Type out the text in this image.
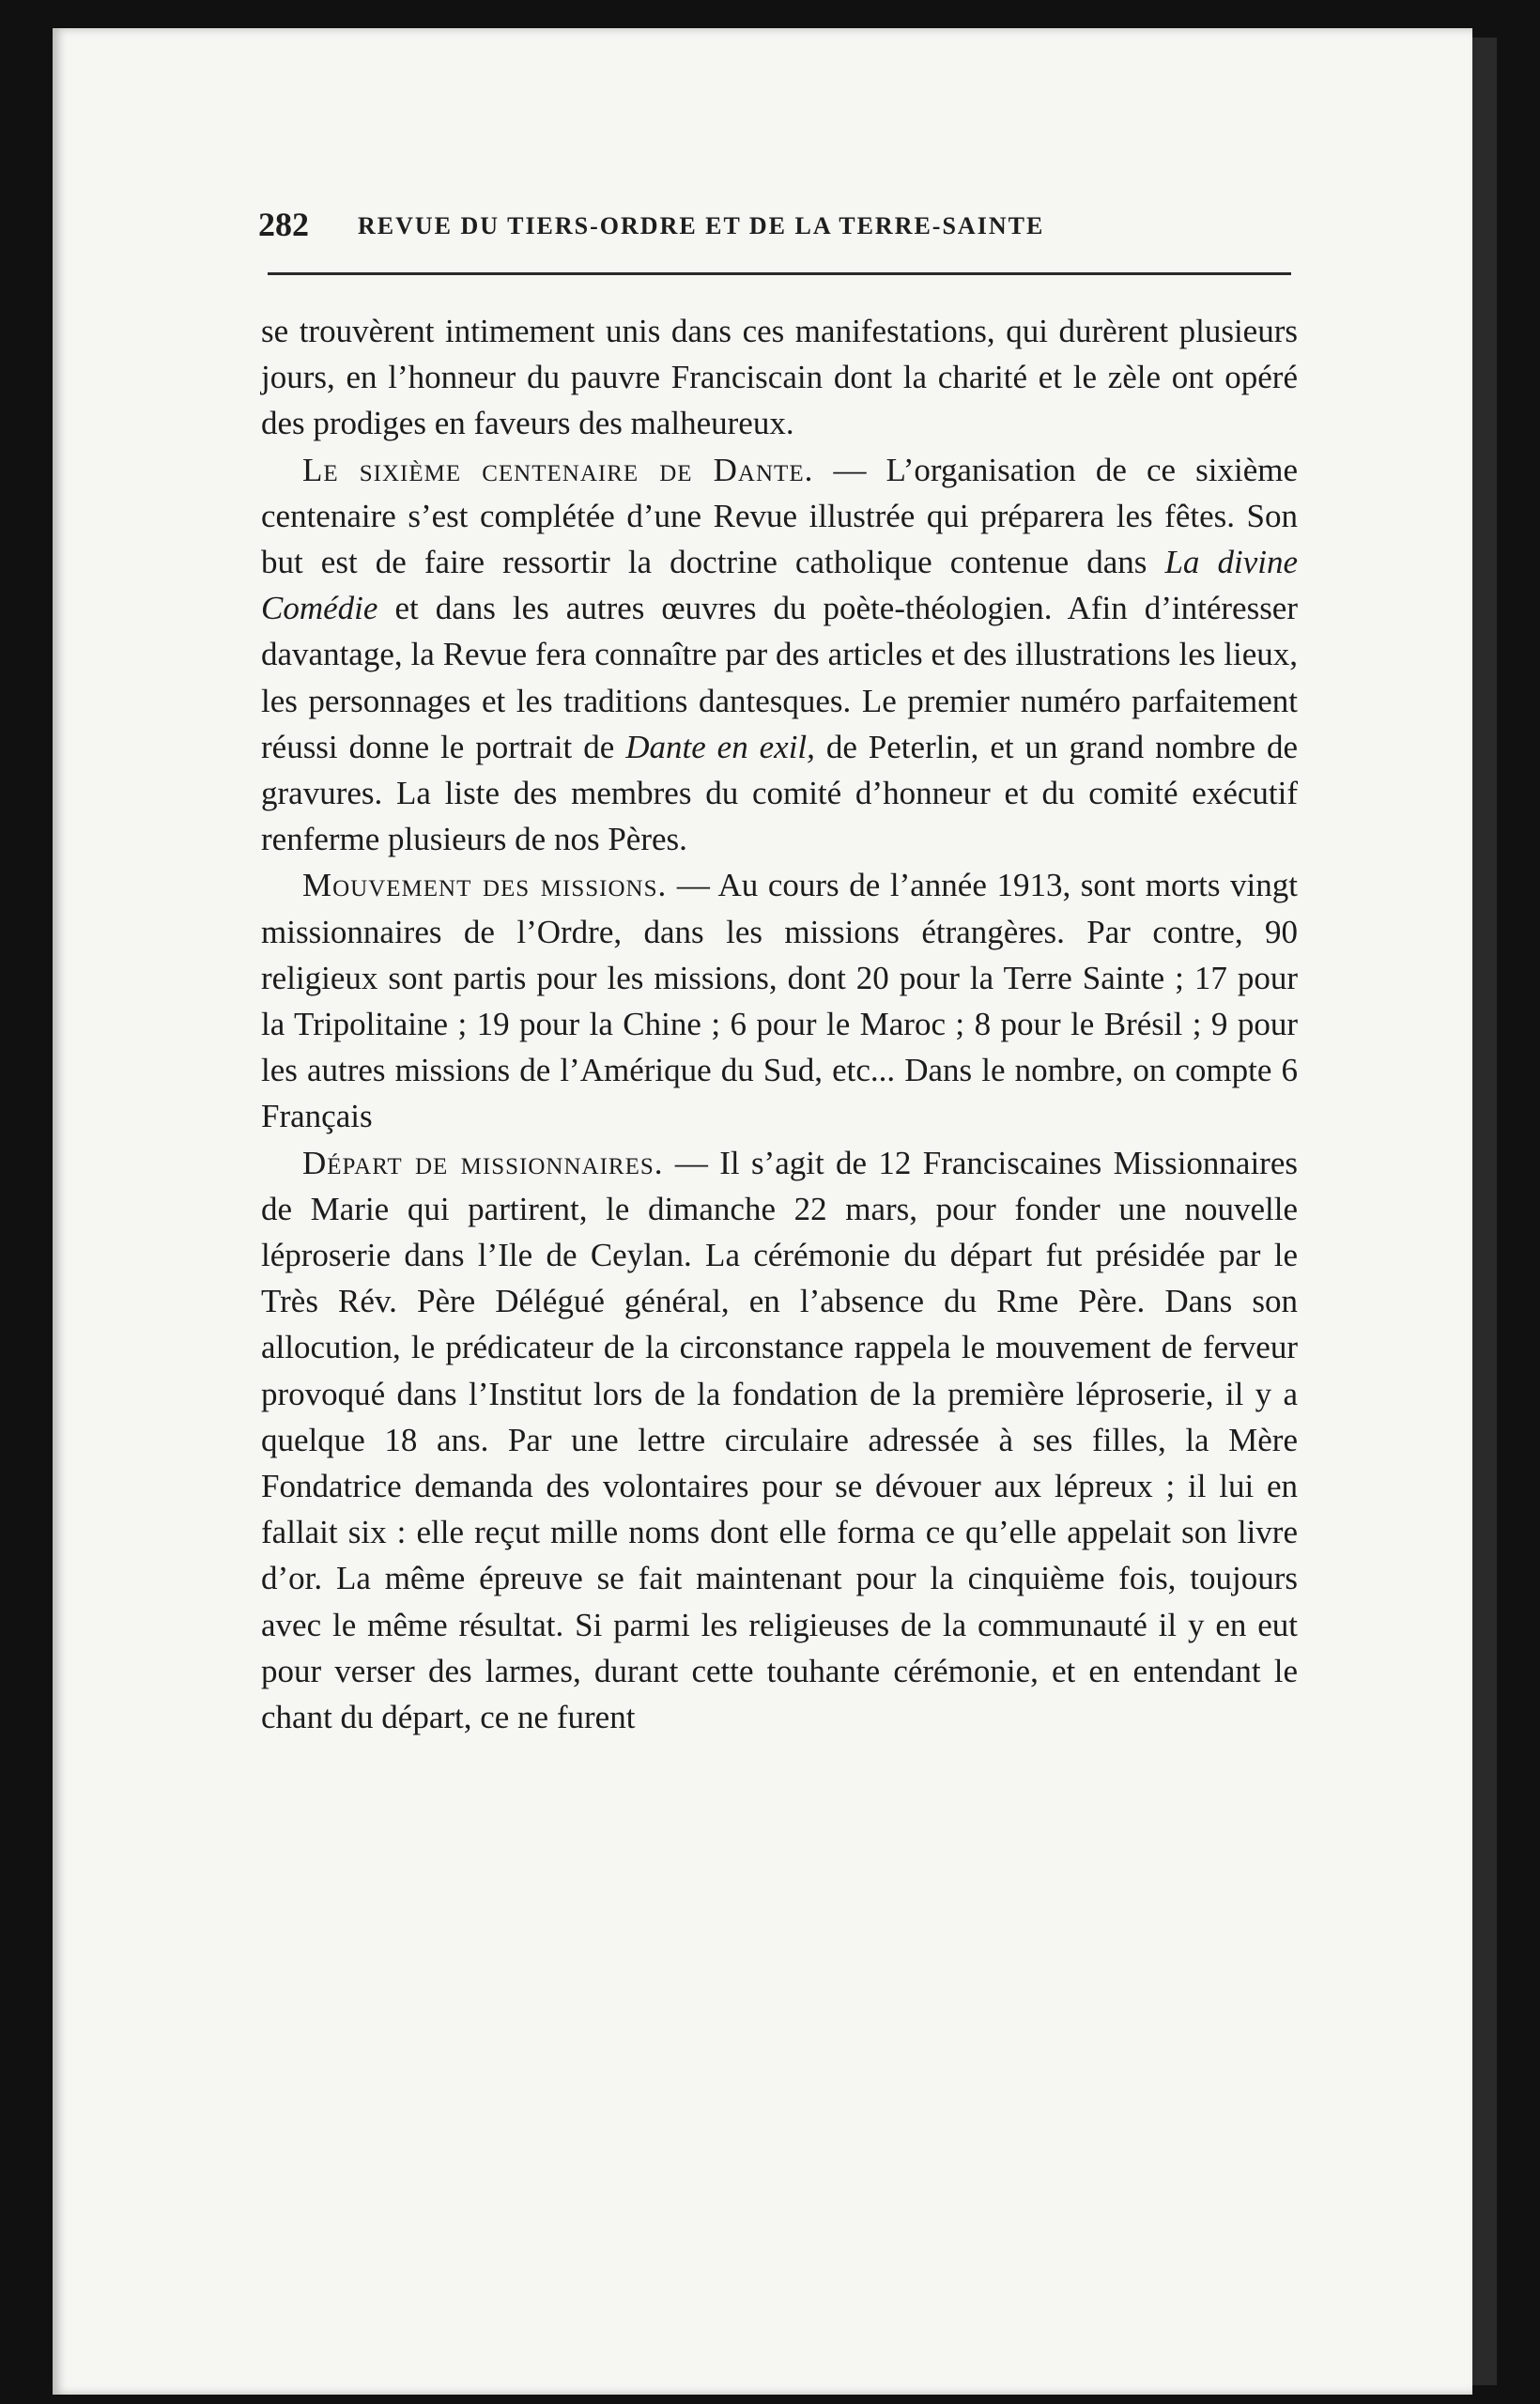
282 REVUE DU TIERS-ORDRE ET DE LA TERRE-SAINTE

se trouvèrent intimement unis dans ces manifestations, qui durèrent plusieurs jours, en l’honneur du pauvre Franciscain dont la charité et le zèle ont opéré des prodiges en faveurs des malheureux.

Le sixième centenaire de Dante. — L’organisation de ce sixième centenaire s’est complétée d’une Revue illustrée qui préparera les fêtes. Son but est de faire ressortir la doctrine catholique contenue dans La divine Comédie et dans les autres œuvres du poète-théologien. Afin d’intéresser davantage, la Revue fera connaître par des articles et des illustrations les lieux, les personnages et les traditions dantesques. Le premier numéro parfaitement réussi donne le portrait de Dante en exil, de Peterlin, et un grand nombre de gravures. La liste des membres du comité d’honneur et du comité exécutif renferme plusieurs de nos Pères.

Mouvement des missions. — Au cours de l’année 1913, sont morts vingt missionnaires de l’Ordre, dans les missions étrangères. Par contre, 90 religieux sont partis pour les missions, dont 20 pour la Terre Sainte ; 17 pour la Tripolitaine ; 19 pour la Chine ; 6 pour le Maroc ; 8 pour le Brésil ; 9 pour les autres missions de l’Amérique du Sud, etc... Dans le nombre, on compte 6 Français

Départ de missionnaires. — Il s’agit de 12 Franciscaines Missionnaires de Marie qui partirent, le dimanche 22 mars, pour fonder une nouvelle léproserie dans l’Ile de Ceylan. La cérémonie du départ fut présidée par le Très Rév. Père Délégué général, en l’absence du Rme Père. Dans son allocution, le prédicateur de la circonstance rappela le mouvement de ferveur provoqué dans l’Institut lors de la fondation de la première léproserie, il y a quelque 18 ans. Par une lettre circulaire adressée à ses filles, la Mère Fondatrice demanda des volontaires pour se dévouer aux lépreux ; il lui en fallait six : elle reçut mille noms dont elle forma ce qu’elle appelait son livre d’or. La même épreuve se fait maintenant pour la cinquième fois, toujours avec le même résultat. Si parmi les religieuses de la communauté il y en eut pour verser des larmes, durant cette touhante cérémonie, et en entendant le chant du départ, ce ne furent
